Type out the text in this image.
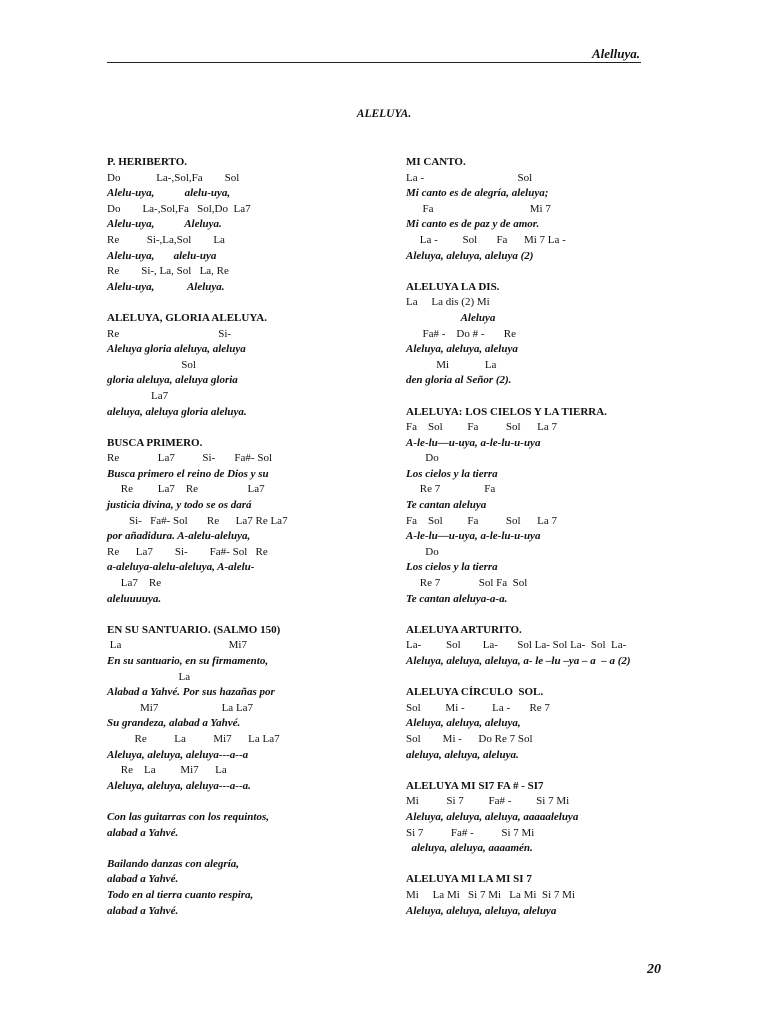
Alelluya.
ALELUYA.
P. HERIBERTO.
Do             La-,Sol,Fa        Sol
Alelu-uya,           alelu-uya,
Do        La-,Sol,Fa   Sol,Do  La7
Alelu-uya,           Aleluya.
Re          Si-,La,Sol        La
Alelu-uya,       alelu-uya
Re        Si-, La, Sol   La, Re
Alelu-uya,            Aleluya.
ALELUYA, GLORIA ALELUYA.
Re                                    Si-
Aleluya gloria aleluya, aleluya
Sol
gloria aleluya, aleluya gloria
La7
aleluya, aleluya gloria aleluya.
BUSCA PRIMERO.
Re              La7          Si-       Fa#- Sol
Busca primero el reino de Dios y su
Re         La7    Re                  La7
justicia divina, y todo se os dará
Si-   Fa#- Sol       Re      La7 Re La7
por añadidura. A-alelu-aleluya,
Re      La7        Si-        Fa#- Sol   Re
a-aleluya-alelu-aleluya, A-alelu-
La7    Re
aleluuuuya.
EN SU SANTUARIO. (SALMO 150)
La                                       Mi7
En su santuario, en su firmamento,
La
Alabad a Yahvé. Por sus hazañas por
Mi7                       La La7
Su grandeza, alabad a Yahvé.
Re          La          Mi7      La La7
Aleluya, aleluya, aleluya---a--a
Re    La         Mi7      La
Aleluya, aleluya, aleluya---a--a.
Con las guitarras con los requintos,
alabad a Yahvé.
Bailando danzas con alegría,
alabad a Yahvé.
Todo en al tierra cuanto respira,
alabad a Yahvé.
MI CANTO.
La -                                  Sol
Mi canto es de alegría, aleluya;
Fa                                   Mi 7
Mi canto es de paz y de amor.
La -         Sol       Fa      Mi 7 La -
Aleluya, aleluya, aleluya (2)
ALELUYA LA DIS.
La     La dis (2) Mi
Aleluya
Fa# -    Do # -       Re
Aleluya, aleluya, aleluya
Mi             La
den gloria al Señor (2).
ALELUYA: LOS CIELOS Y LA TIERRA.
Fa    Sol         Fa          Sol      La 7
A-le-lu—u-uya, a-le-lu-u-uya
Do
Los cielos y la tierra
Re 7                Fa
Te cantan aleluya
Fa    Sol         Fa          Sol      La 7
A-le-lu—u-uya, a-le-lu-u-uya
Do
Los cielos y la tierra
Re 7              Sol Fa  Sol
Te cantan aleluya-a-a.
ALELUYA ARTURITO.
La-         Sol        La-       Sol La- Sol La-  Sol  La-
Aleluya, aleluya, aleluya, a- le –lu –ya – a  – a (2)
ALELUYA CÍRCULO  SOL.
Sol         Mi -          La -       Re 7
Aleluya, aleluya, aleluya,
Sol        Mi -      Do Re 7 Sol
aleluya, aleluya, aleluya.
ALELUYA MI SI7 FA # - SI7
Mi          Si 7         Fa# -         Si 7 Mi
Aleluya, aleluya, aleluya, aaaaaleluya
Si 7          Fa# -          Si 7 Mi
aleluya, aleluya, aaaamén.
ALELUYA MI LA MI SI 7
Mi     La Mi   Si 7 Mi   La Mi  Si 7 Mi
Aleluya, aleluya, aleluya, aleluya
20
